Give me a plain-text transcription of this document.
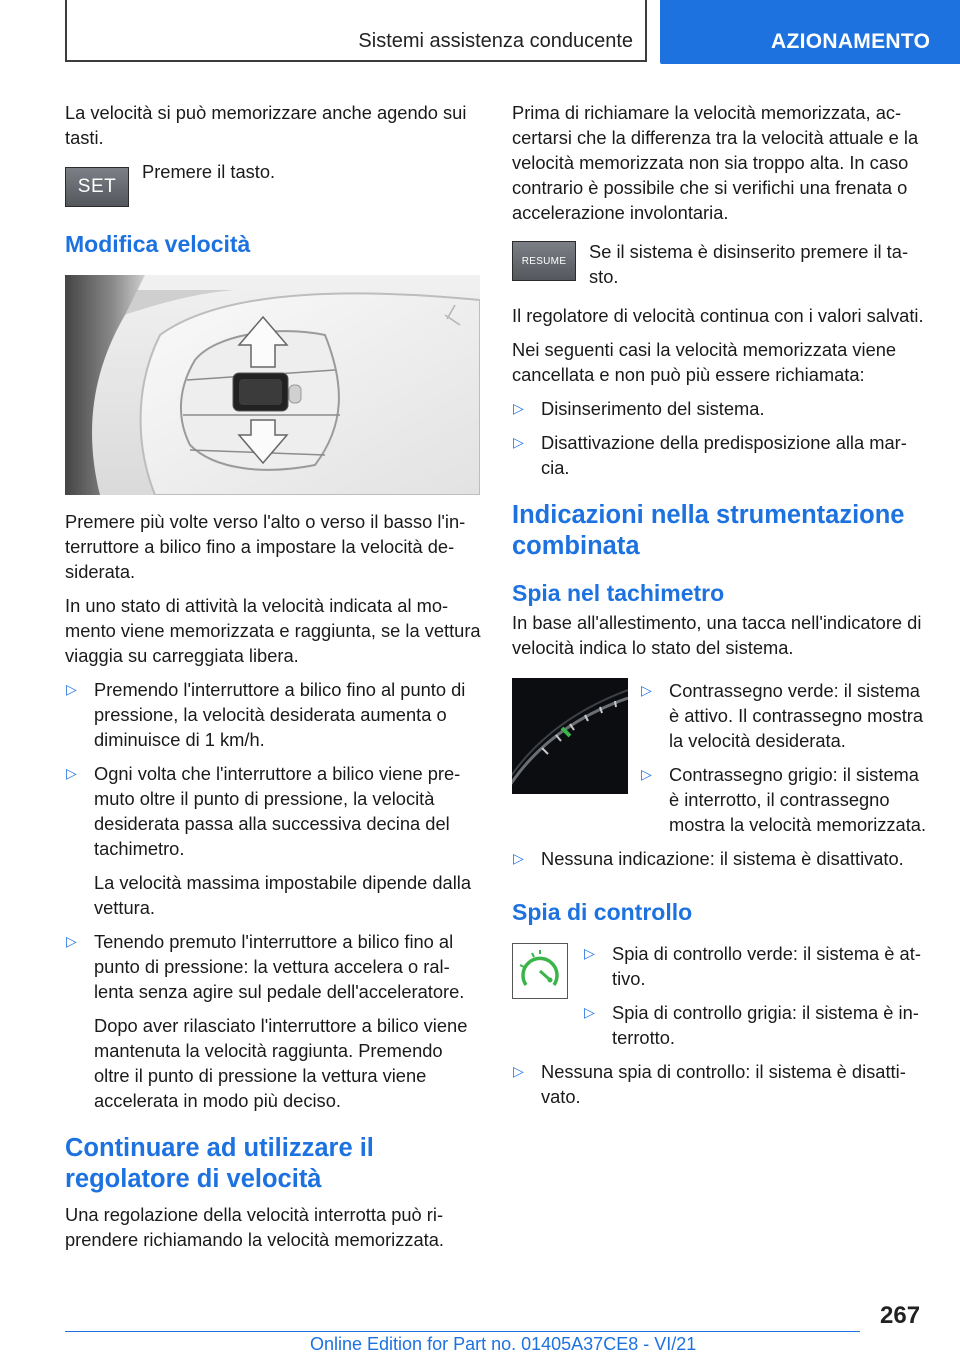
Sistemi assistenza conducente	AZIONAMENTO

La velocità si può memorizzare anche agendo sui tasti.

SET

Premere il tasto.

Modifica velocità

Premere più volte verso l'alto o verso il basso l'interruttore a bilico fino a impostare la velocità desiderata.

In uno stato di attività la velocità indicata al momento viene memorizzata e raggiunta, se la vettura viaggia su carreggiata libera.

▷ Premendo l'interruttore a bilico fino al punto di pressione, la velocità desiderata aumenta o diminuisce di 1 km/h.
▷ Ogni volta che l'interruttore a bilico viene premuto oltre il punto di pressione, la velocità desiderata passa alla successiva decina del tachimetro.
La velocità massima impostabile dipende dalla vettura.
▷ Tenendo premuto l'interruttore a bilico fino al punto di pressione: la vettura accelera o rallenta senza agire sul pedale dell'acceleratore.
Dopo aver rilasciato l'interruttore a bilico viene mantenuta la velocità raggiunta. Premendo oltre il punto di pressione la vettura viene accelerata in modo più deciso.
Continuare ad utilizzare il regolatore di velocità

Una regolazione della velocità interrotta può riprendere richiamando la velocità memorizzata.

Prima di richiamare la velocità memorizzata, accertarsi che la differenza tra la velocità attuale e la velocità memorizzata non sia troppo alta. In caso contrario è possibile che si verifichi una frenata o accelerazione involontaria.

RESUME Se il sistema è disinserito premere il tasto.

Il regolatore di velocità continua con i valori salvati.

Nei seguenti casi la velocità memorizzata viene cancellata e non può più essere richiamata:

▷ Disinserimento del sistema.
▷ Disattivazione della predisposizione alla marcia.
Indicazioni nella strumentazione combinata
Spia nel tachimetro

In base all'allestimento, una tacca nell'indicatore di velocità indica lo stato del sistema.

▷ Contrassegno verde: il sistema è attivo. Il contrassegno mostra la velocità desiderata.
▷ Contrassegno grigio: il sistema è interrotto, il contrassegno mostra la velocità memorizzata.
▷ Nessuna indicazione: il sistema è disattivato.
Spia di controllo
▷ Spia di controllo verde: il sistema è attivo.
▷ Spia di controllo grigia: il sistema è interrotto.
▷ Nessuna spia di controllo: il sistema è disattivato.
267
Online Edition for Part no. 01405A37CE8 - VI/21
